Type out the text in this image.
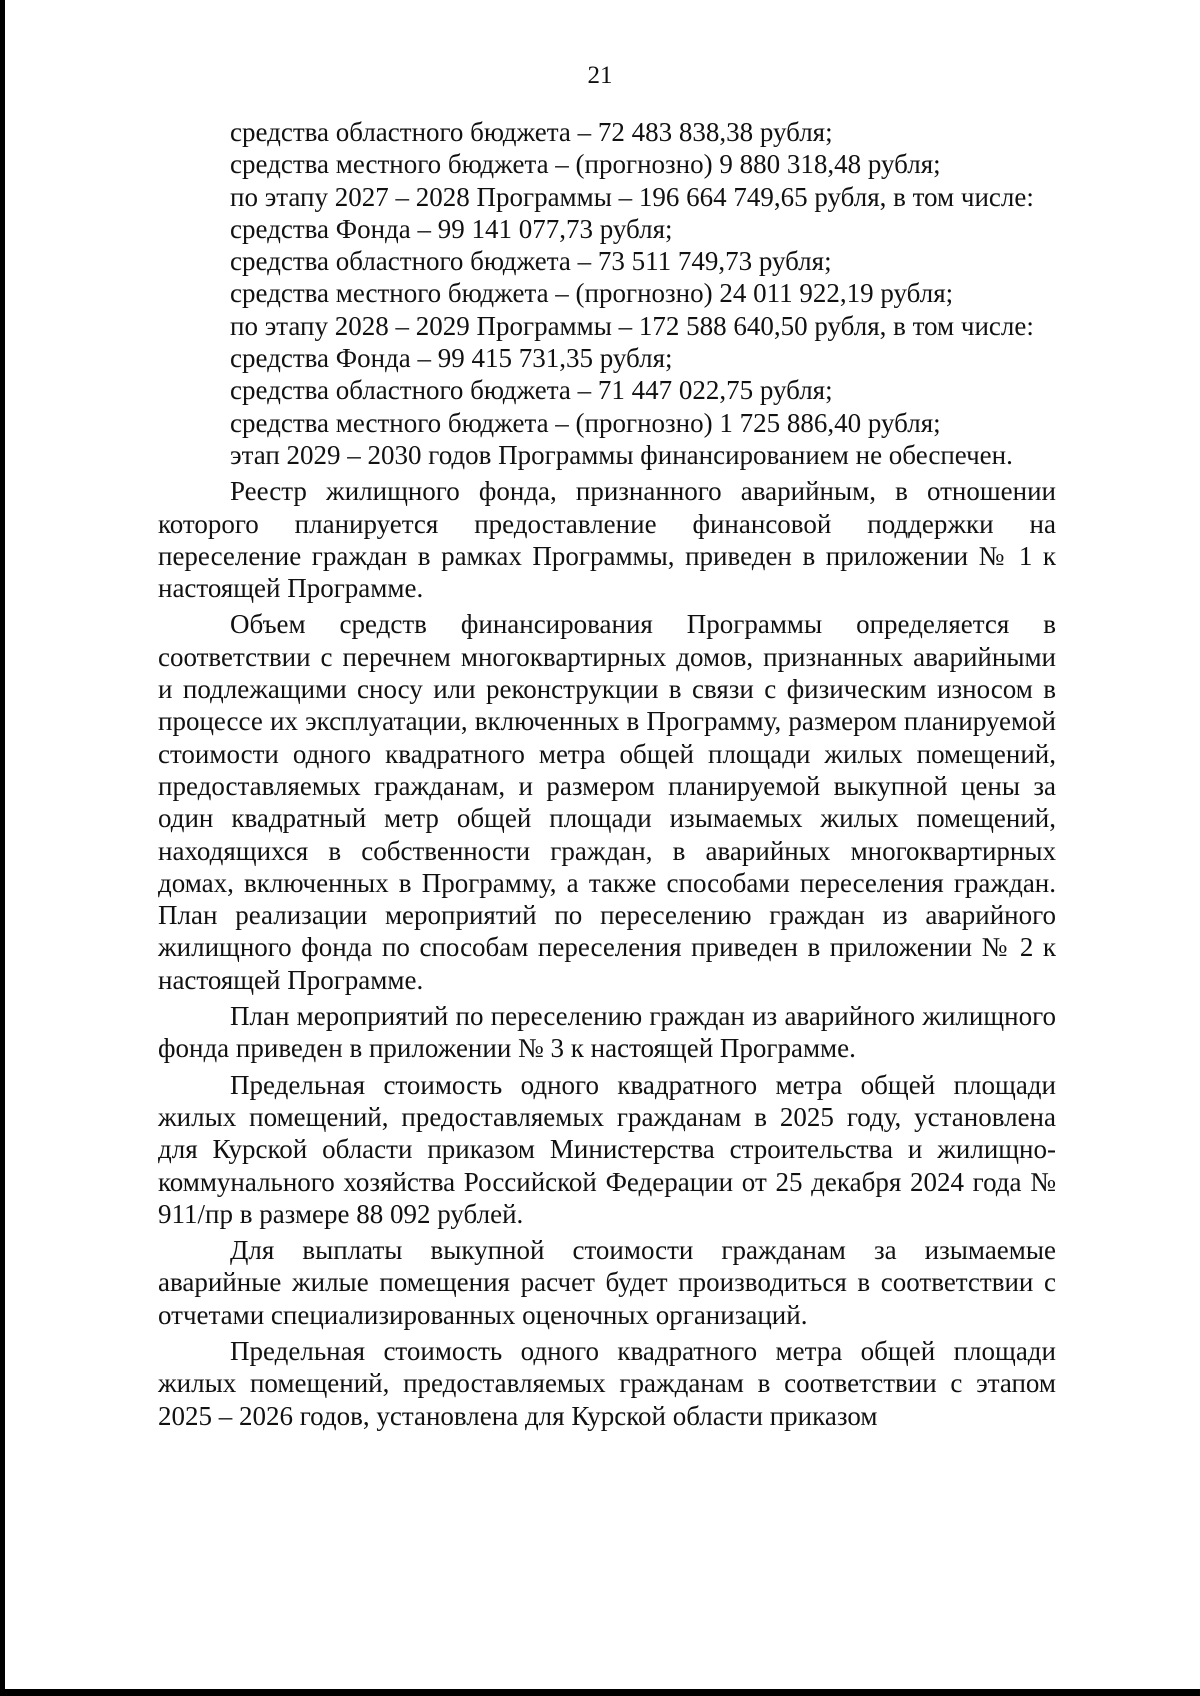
21

средства областного бюджета – 72 483 838,38 рубля;

средства местного бюджета – (прогнозно) 9 880 318,48 рубля;

по этапу 2027 – 2028 Программы – 196 664 749,65 рубля, в том числе:

средства Фонда – 99 141 077,73 рубля;

средства областного бюджета – 73 511 749,73 рубля;

средства местного бюджета – (прогнозно) 24 011 922,19 рубля;

по этапу 2028 – 2029 Программы – 172 588 640,50 рубля, в том числе:

средства Фонда – 99 415 731,35 рубля;

средства областного бюджета – 71 447 022,75 рубля;

средства местного бюджета – (прогнозно) 1 725 886,40 рубля;

этап 2029 – 2030 годов Программы финансированием не обеспечен.

Реестр жилищного фонда, признанного аварийным, в отношении которого планируется предоставление финансовой поддержки на переселение граждан в рамках Программы, приведен в приложении № 1 к настоящей Программе.

Объем средств финансирования Программы определяется в соответствии с перечнем многоквартирных домов, признанных аварийными и подлежащими сносу или реконструкции в связи с физическим износом в процессе их эксплуатации, включенных в Программу, размером планируемой стоимости одного квадратного метра общей площади жилых помещений, предоставляемых гражданам, и размером планируемой выкупной цены за один квадратный метр общей площади изымаемых жилых помещений, находящихся в собственности граждан, в аварийных многоквартирных домах, включенных в Программу, а также способами переселения граждан. План реализации мероприятий по переселению граждан из аварийного жилищного фонда по способам переселения приведен в приложении № 2 к настоящей Программе.

План мероприятий по переселению граждан из аварийного жилищного фонда приведен в приложении № 3 к настоящей Программе.

Предельная стоимость одного квадратного метра общей площади жилых помещений, предоставляемых гражданам в 2025 году, установлена для Курской области приказом Министерства строительства и жилищно-коммунального хозяйства Российской Федерации от 25 декабря 2024 года № 911/пр в размере 88 092 рублей.

Для выплаты выкупной стоимости гражданам за изымаемые аварийные жилые помещения расчет будет производиться в соответствии с отчетами специализированных оценочных организаций.

Предельная стоимость одного квадратного метра общей площади жилых помещений, предоставляемых гражданам в соответствии с этапом 2025 – 2026 годов, установлена для Курской области приказом
